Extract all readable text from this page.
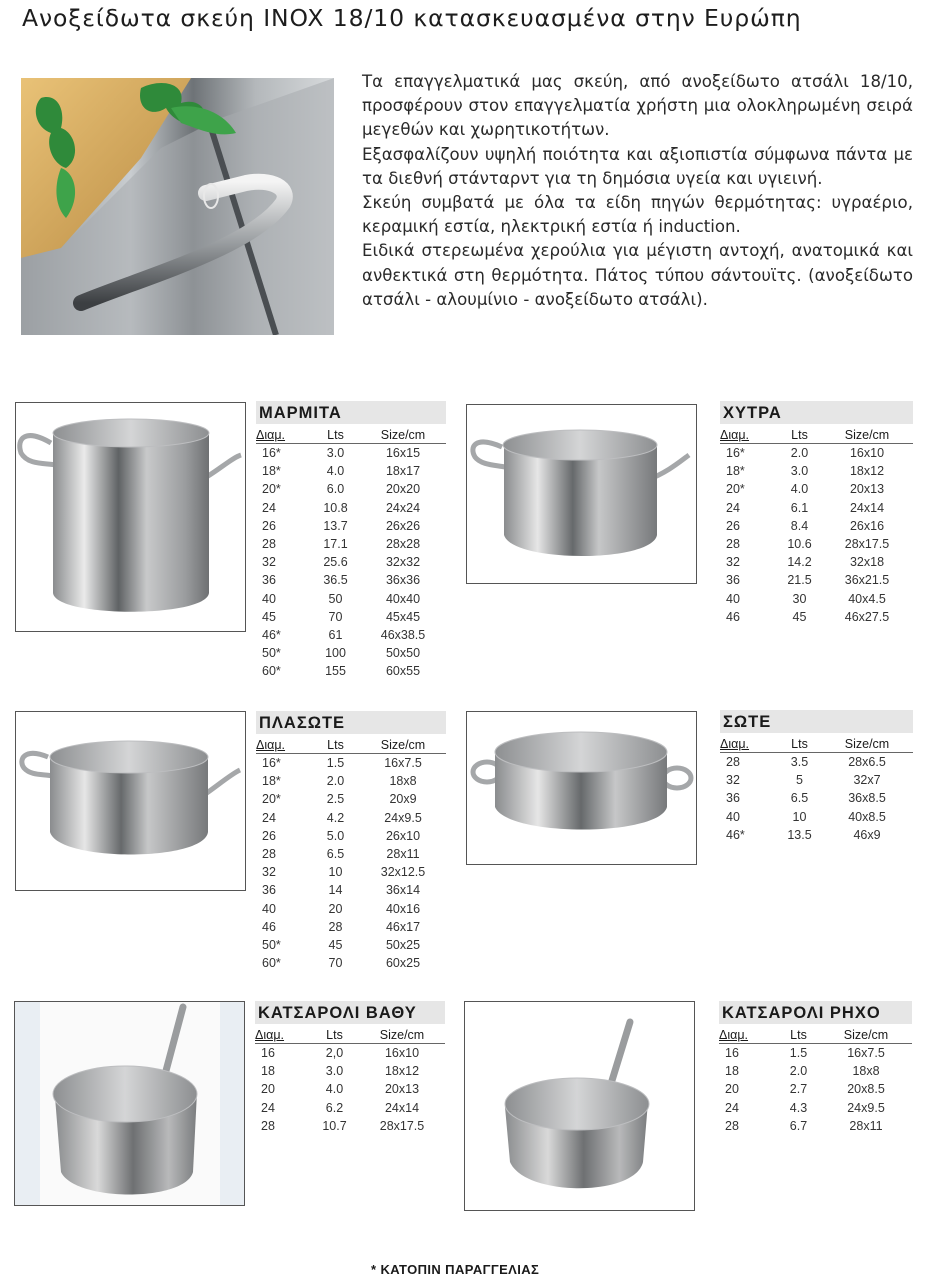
Ανοξείδωτα σκεύη INOX 18/10 κατασκευασμένα στην Ευρώπη

Τα επαγγελματικά μας σκεύη, από ανοξείδωτο ατσάλι 18/10, προσφέρουν στον επαγγελματία χρήστη μια ολοκληρωμένη σειρά μεγεθών και χωρητικοτήτων.

Εξασφαλίζουν υψηλή ποιότητα και αξιοπιστία σύμφωνα πάντα με τα διεθνή στάνταρντ για τη δημόσια υγεία και υγιεινή.

Σκεύη συμβατά με όλα τα είδη πηγών θερμότητας: υγραέριο, κεραμική εστία, ηλεκτρική εστία ή induction.

Ειδικά στερεωμένα χερούλια για μέγιστη αντοχή, ανατομικά και ανθεκτικά στη θερμότητα. Πάτος τύπου σάντουϊτς. (ανοξείδωτο ατσάλι - αλουμίνιο - ανοξείδωτο ατσάλι).

ΜΑΡΜΙΤΑ
Διαμ.	Lts	Size/cm
16*	3.0	16x15
18*	4.0	18x17
20*	6.0	20x20
24	10.8	24x24
26	13.7	26x26
28	17.1	28x28
32	25.6	32x32
36	36.5	36x36
40	50	40x40
45	70	45x45
46*	61	46x38.5
50*	100	50x50
60*	155	60x55
ΧΥΤΡΑ
Διαμ.	Lts	Size/cm
16*	2.0	16x10
18*	3.0	18x12
20*	4.0	20x13
24	6.1	24x14
26	8.4	26x16
28	10.6	28x17.5
32	14.2	32x18
36	21.5	36x21.5
40	30	40x4.5
46	45	46x27.5
ΠΛΑΣΩΤΕ
Διαμ.	Lts	Size/cm
16*	1.5	16x7.5
18*	2.0	18x8
20*	2.5	20x9
24	4.2	24x9.5
26	5.0	26x10
28	6.5	28x11
32	10	32x12.5
36	14	36x14
40	20	40x16
46	28	46x17
50*	45	50x25
60*	70	60x25
ΣΩΤΕ
Διαμ.	Lts	Size/cm
28	3.5	28x6.5
32	5	32x7
36	6.5	36x8.5
40	10	40x8.5
46*	13.5	46x9
ΚΑΤΣΑΡΟΛΙ ΒΑΘΥ
Διαμ.	Lts	Size/cm
16	2,0	16x10
18	3.0	18x12
20	4.0	20x13
24	6.2	24x14
28	10.7	28x17.5
ΚΑΤΣΑΡΟΛΙ ΡΗΧΟ
Διαμ.	Lts	Size/cm
16	1.5	16x7.5
18	2.0	18x8
20	2.7	20x8.5
24	4.3	24x9.5
28	6.7	28x11
* ΚΑΤΟΠΙΝ ΠΑΡΑΓΓΕΛΙΑΣ
